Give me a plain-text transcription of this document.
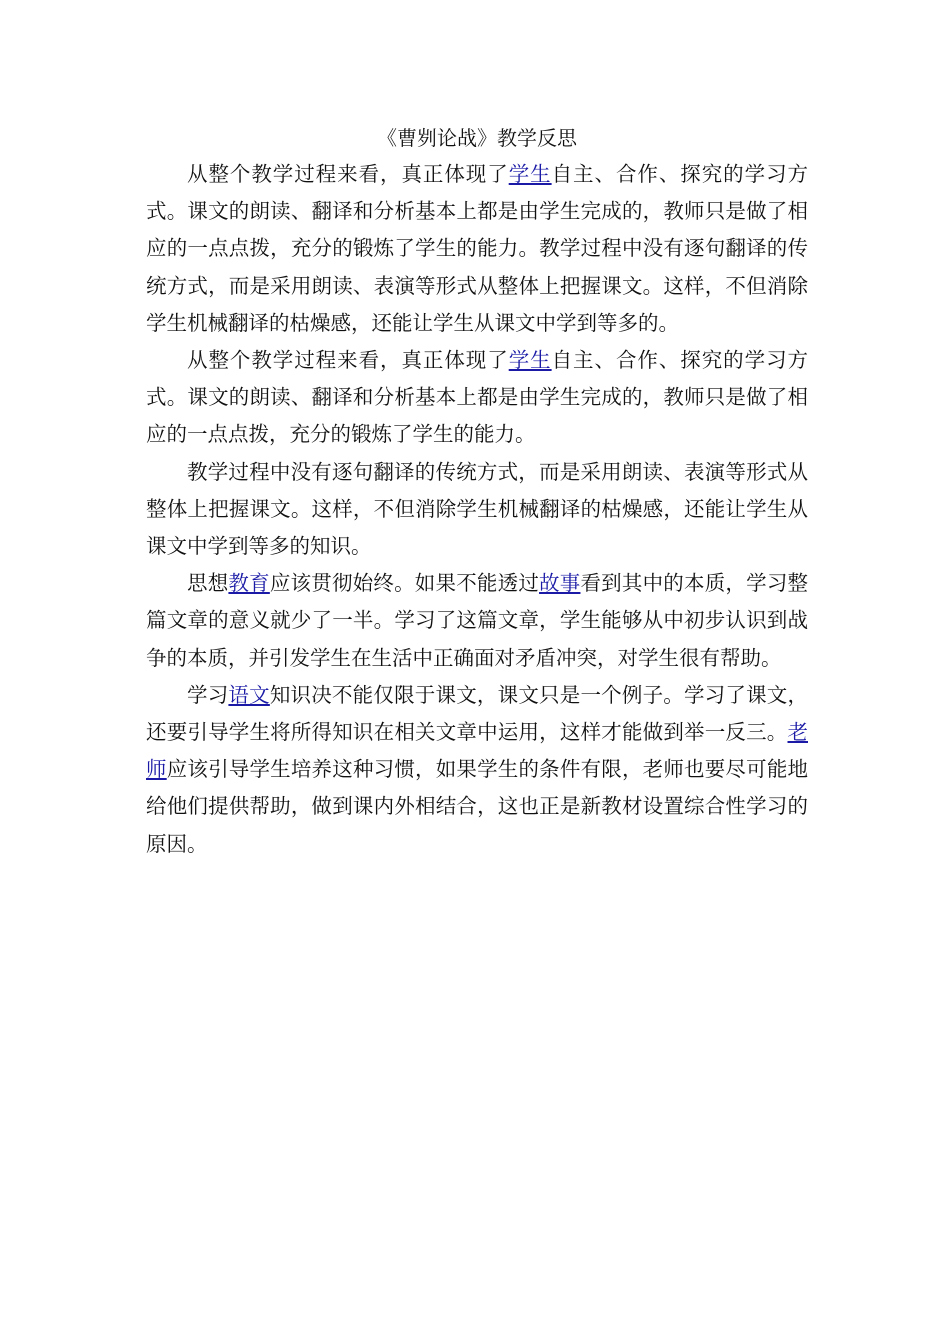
《曹刿论战》教学反思

从整个教学过程来看，真正体现了学生自主、合作、探究的学习方式。课文的朗读、翻译和分析基本上都是由学生完成的，教师只是做了相应的一点点拨，充分的锻炼了学生的能力。教学过程中没有逐句翻译的传统方式，而是采用朗读、表演等形式从整体上把握课文。这样，不但消除学生机械翻译的枯燥感，还能让学生从课文中学到等多的。

从整个教学过程来看，真正体现了学生自主、合作、探究的学习方式。课文的朗读、翻译和分析基本上都是由学生完成的，教师只是做了相应的一点点拨，充分的锻炼了学生的能力。

教学过程中没有逐句翻译的传统方式，而是采用朗读、表演等形式从整体上把握课文。这样，不但消除学生机械翻译的枯燥感，还能让学生从课文中学到等多的知识。

思想教育应该贯彻始终。如果不能透过故事看到其中的本质，学习整篇文章的意义就少了一半。学习了这篇文章，学生能够从中初步认识到战争的本质，并引发学生在生活中正确面对矛盾冲突，对学生很有帮助。

学习语文知识决不能仅限于课文，课文只是一个例子。学习了课文，还要引导学生将所得知识在相关文章中运用，这样才能做到举一反三。老师应该引导学生培养这种习惯，如果学生的条件有限，老师也要尽可能地给他们提供帮助，做到课内外相结合，这也正是新教材设置综合性学习的原因。
